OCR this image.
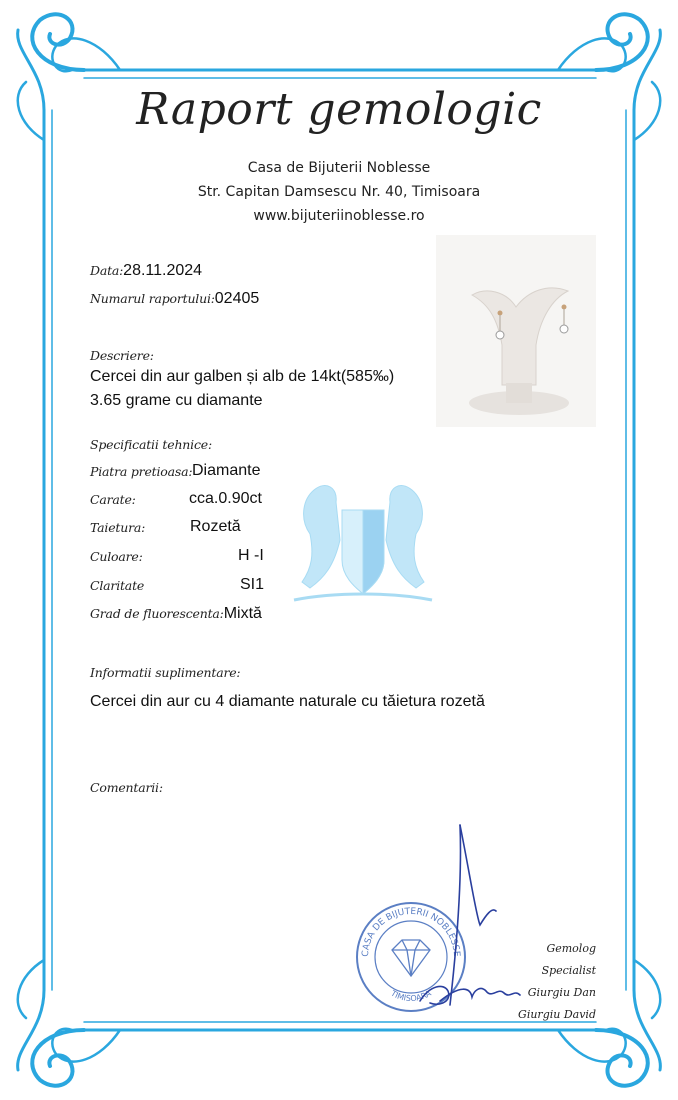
Raport gemologic
Casa de Bijuterii Noblesse
Str. Capitan Damsescu Nr. 40, Timisoara
www.bijuteriinoblesse.ro
Data:28.11.2024
Numarul raportului:02405
Descriere:
Cercei din aur galben și alb de 14kt(585‰)
3.65 grame cu diamante
Specificatii tehnice:
Piatra pretioasa: Diamante
Carate:	cca.0.90ct
Taietura:	Rozetă
Culoare:	H -I
Claritate	SI1
Grad de fluorescenta:Mixtă
Informatii suplimentare:
Cercei din aur cu 4 diamante naturale cu tăietura rozetă
Comentarii:
CASA DE BIJUTERII NOBLESSE
TIMISOARA
Gemolog Specialist
Giurgiu Dan
Giurgiu David
